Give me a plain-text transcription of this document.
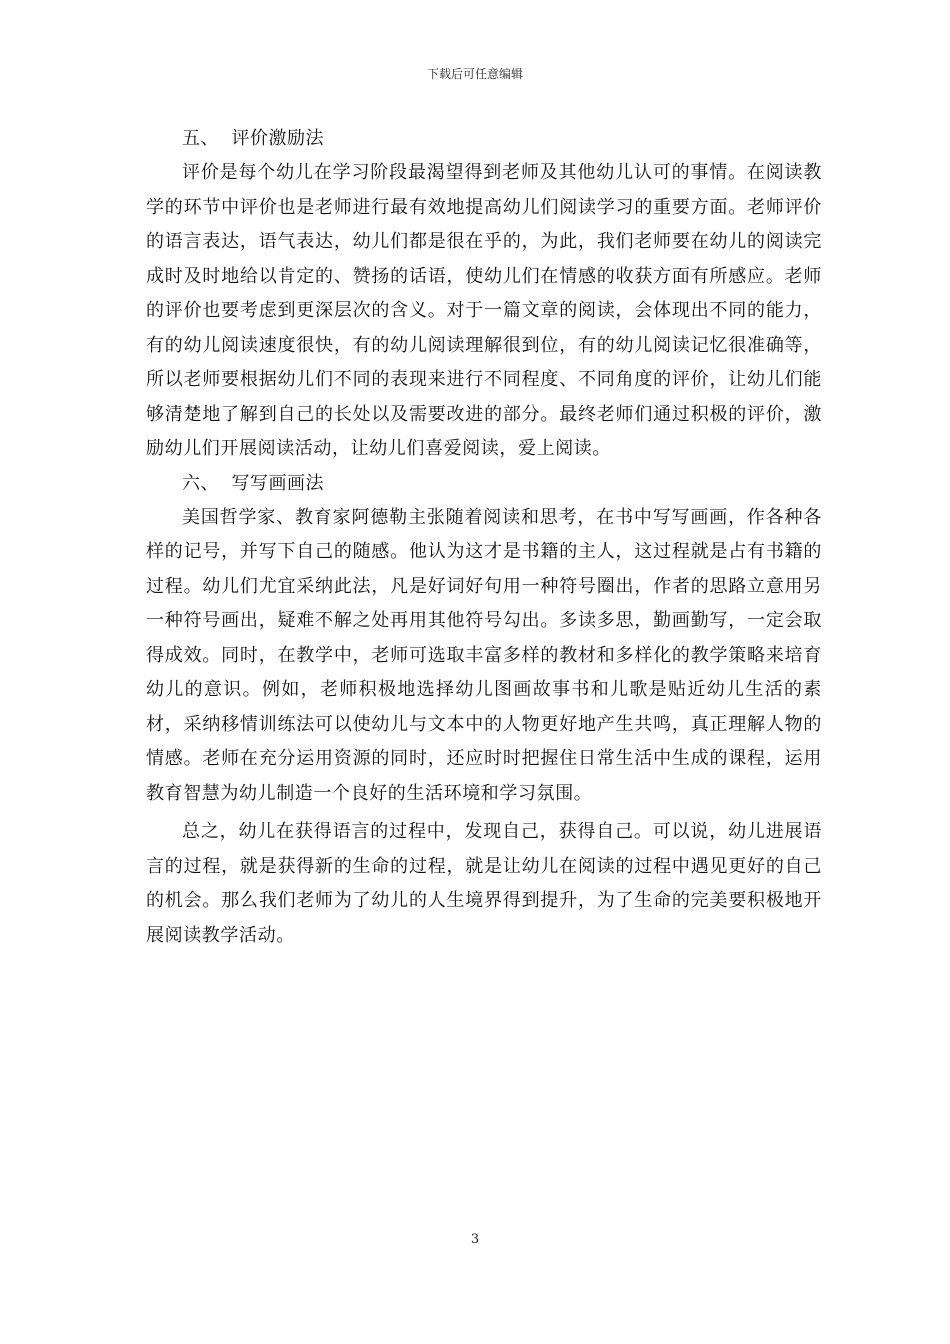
下载后可任意编辑
五、  评价激励法

评价是每个幼儿在学习阶段最渴望得到老师及其他幼儿认可的事情。在阅读教学的环节中评价也是老师进行最有效地提高幼儿们阅读学习的重要方面。老师评价的语言表达，语气表达，幼儿们都是很在乎的，为此，我们老师要在幼儿的阅读完成时及时地给以肯定的、赞扬的话语，使幼儿们在情感的收获方面有所感应。老师的评价也要考虑到更深层次的含义。对于一篇文章的阅读，会体现出不同的能力，有的幼儿阅读速度很快，有的幼儿阅读理解很到位，有的幼儿阅读记忆很准确等，所以老师要根据幼儿们不同的表现来进行不同程度、不同角度的评价，让幼儿们能够清楚地了解到自己的长处以及需要改进的部分。最终老师们通过积极的评价，激励幼儿们开展阅读活动，让幼儿们喜爱阅读，爱上阅读。

六、  写写画画法

美国哲学家、教育家阿德勒主张随着阅读和思考，在书中写写画画，作各种各样的记号，并写下自己的随感。他认为这才是书籍的主人，这过程就是占有书籍的过程。幼儿们尤宜采纳此法，凡是好词好句用一种符号圈出，作者的思路立意用另一种符号画出，疑难不解之处再用其他符号勾出。多读多思，勤画勤写，一定会取得成效。同时，在教学中，老师可选取丰富多样的教材和多样化的教学策略来培育幼儿的意识。例如，老师积极地选择幼儿图画故事书和儿歌是贴近幼儿生活的素材，采纳移情训练法可以使幼儿与文本中的人物更好地产生共鸣，真正理解人物的情感。老师在充分运用资源的同时，还应时时把握住日常生活中生成的课程，运用教育智慧为幼儿制造一个良好的生活环境和学习氛围。

总之，幼儿在获得语言的过程中，发现自己，获得自己。可以说，幼儿进展语言的过程，就是获得新的生命的过程，就是让幼儿在阅读的过程中遇见更好的自己的机会。那么我们老师为了幼儿的人生境界得到提升，为了生命的完美要积极地开展阅读教学活动。

3
